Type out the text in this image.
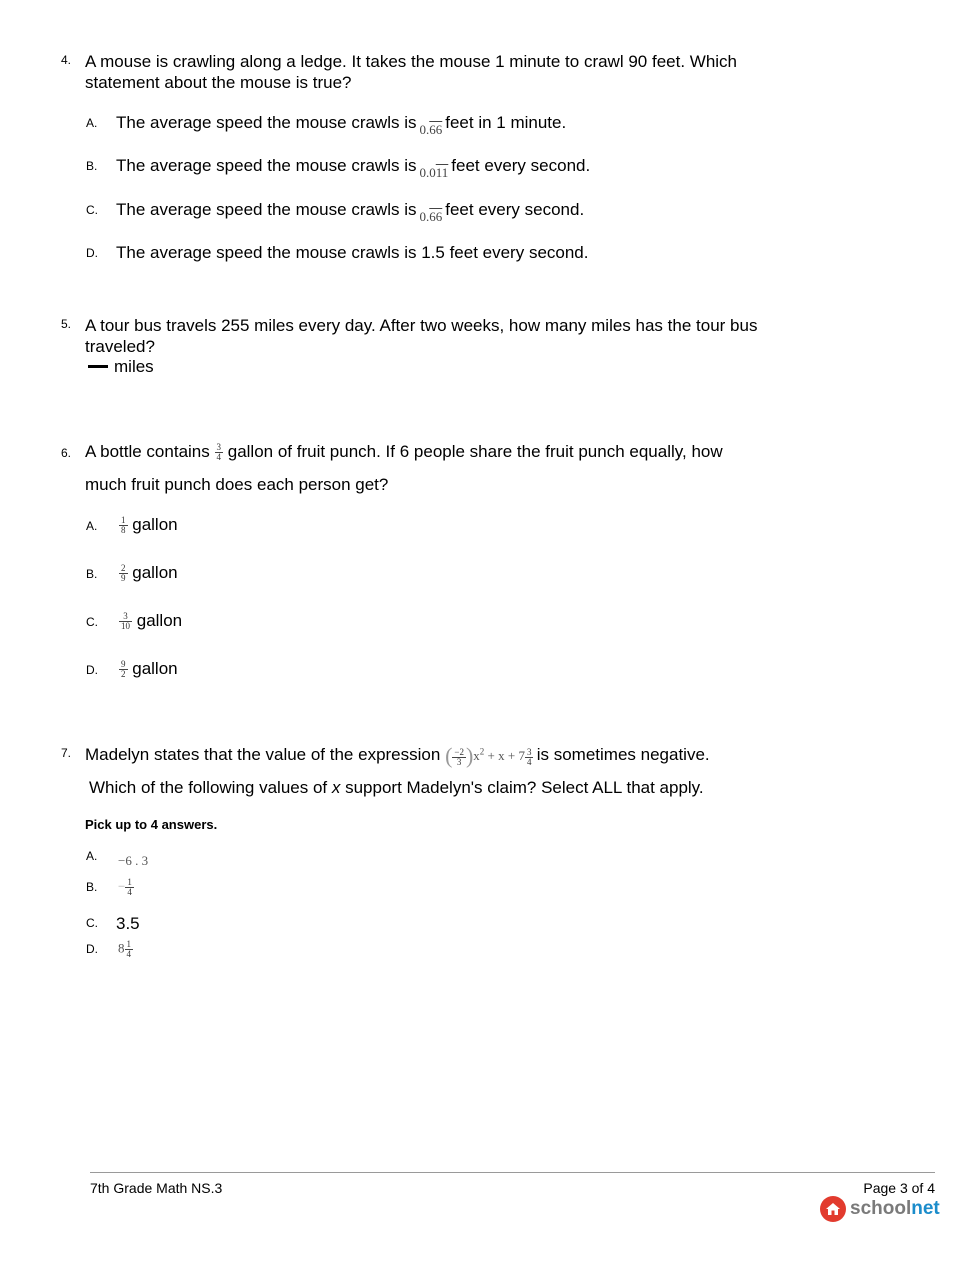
4. A mouse is crawling along a ledge. It takes the mouse 1 minute to crawl 90 feet. Which statement about the mouse is true?
A. The average speed the mouse crawls is 0.66 feet in 1 minute.
B. The average speed the mouse crawls is 0.011 feet every second.
C. The average speed the mouse crawls is 0.66 feet every second.
D. The average speed the mouse crawls is 1.5 feet every second.
5. A tour bus travels 255 miles every day. After two weeks, how many miles has the tour bus traveled?
miles
6. A bottle contains $\frac{3}{4}$ gallon of fruit punch. If 6 people share the fruit punch equally, how
much fruit punch does each person get?
A. $\frac{1}{8}$ gallon
B. $\frac{2}{9}$ gallon
C. $\frac{3}{10}$ gallon
D. $\frac{9}{2}$ gallon
7. Madelyn states that the value of the expression ( $\frac{-2}{3} )x^2 + x + 7 \frac{3}{4}$ is sometimes negative.
Which of the following values of x support Madelyn's claim? Select ALL that apply.
Pick up to 4 answers.
A. −6 . 3
B. − $\frac{1}{4}$
C. 3.5
D. $8 \frac{1}{4}$
7th Grade Math NS.3	Page 3 of 4
schoolnet
